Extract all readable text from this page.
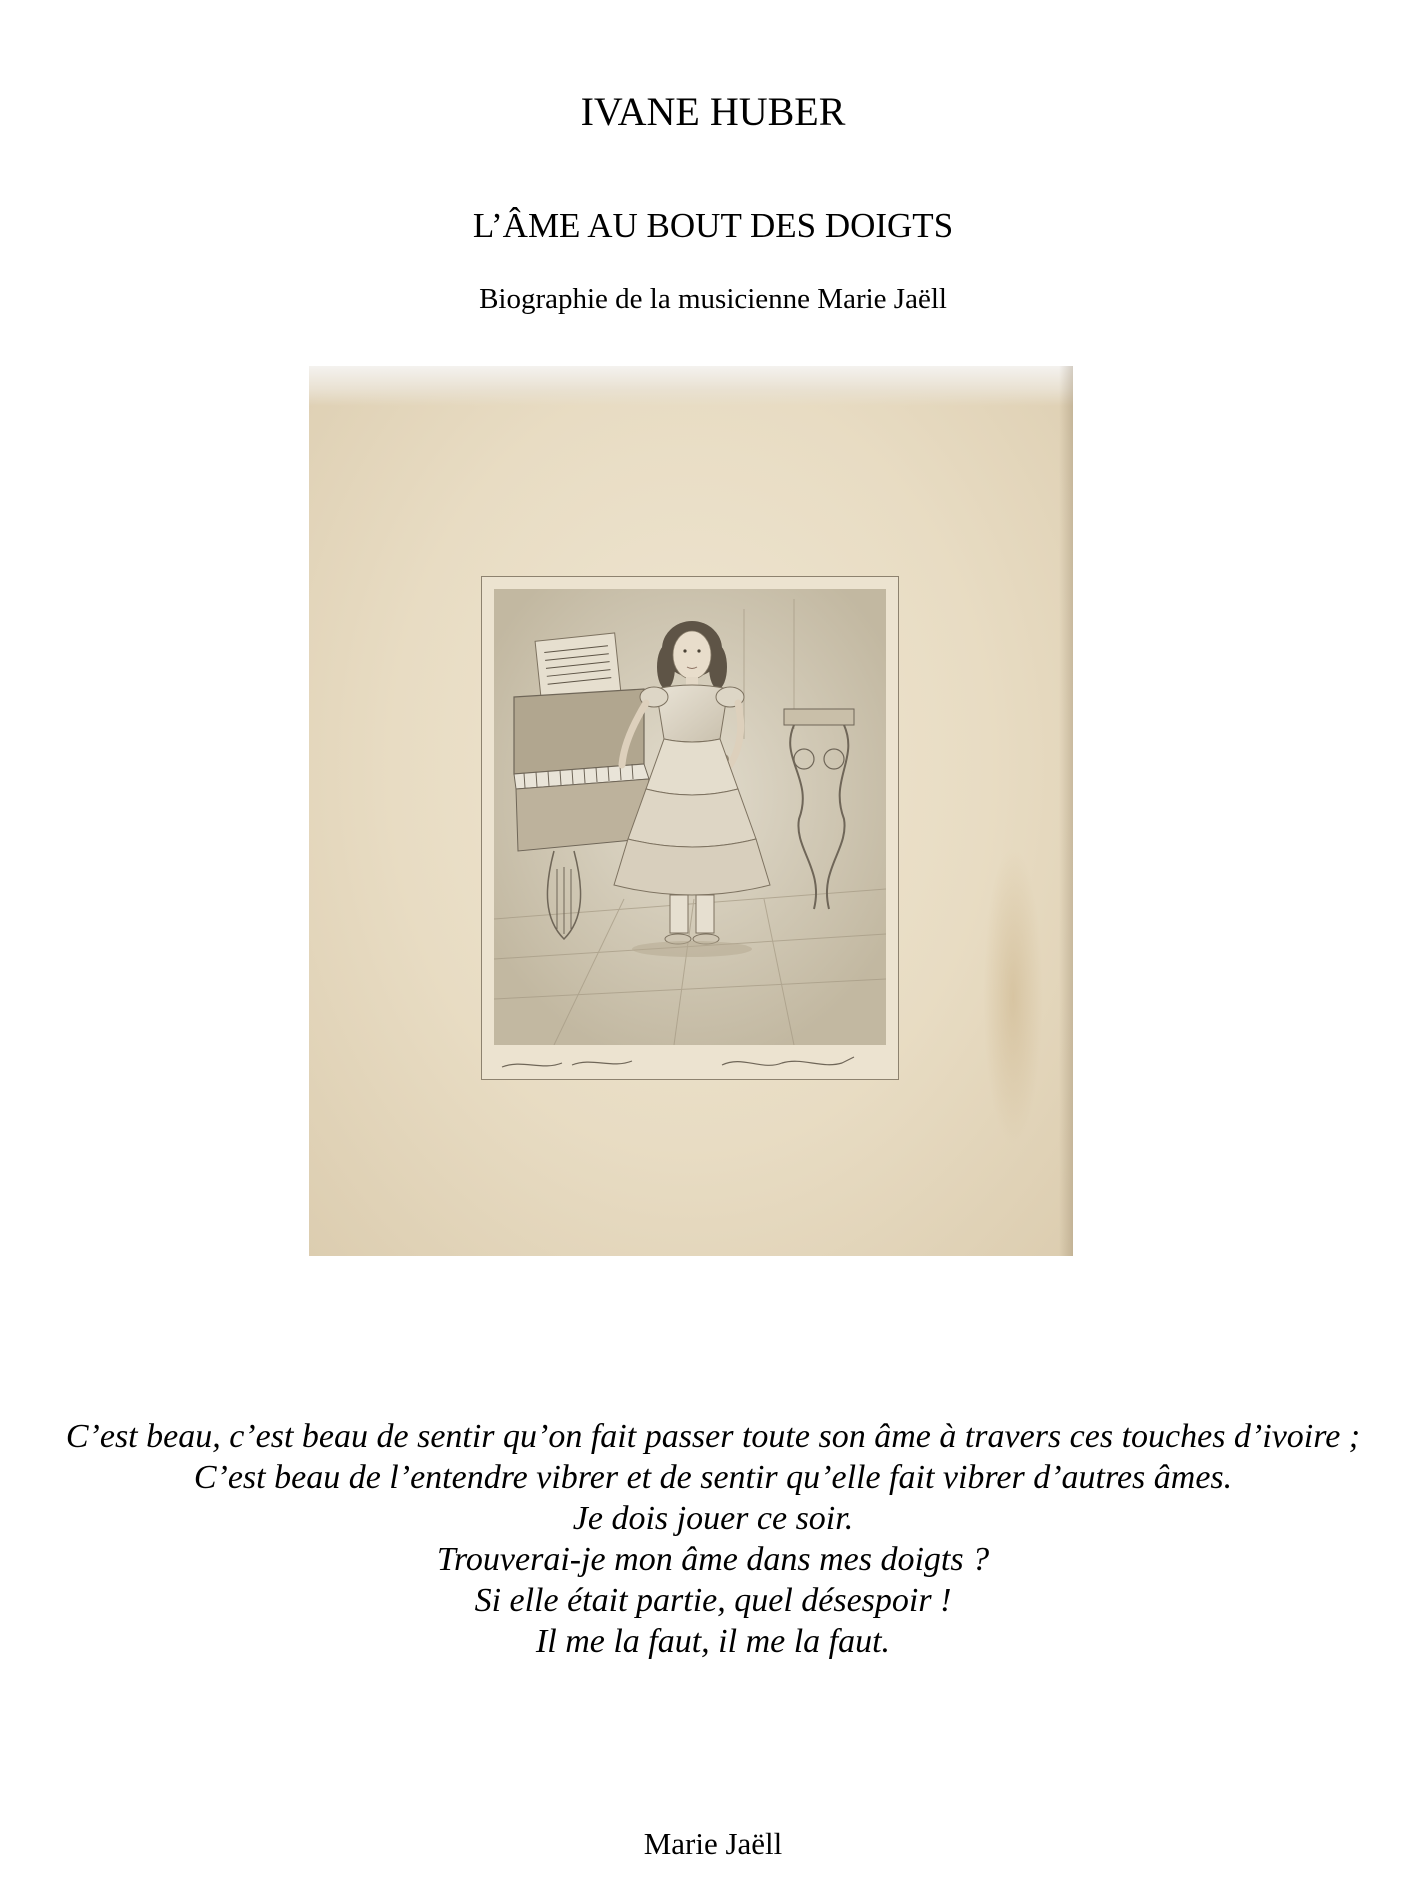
IVANE HUBER
L’ÂME AU BOUT DES DOIGTS
Biographie de la musicienne Marie Jaëll
C’est beau, c’est beau de sentir qu’on fait passer toute son âme à travers ces touches d’ivoire ;
C’est beau de l’entendre vibrer et de sentir qu’elle fait vibrer d’autres âmes.
Je dois jouer ce soir.
Trouverai-je mon âme dans mes doigts ?
Si elle était partie, quel désespoir !
Il me la faut, il me la faut.
Marie Jaëll
